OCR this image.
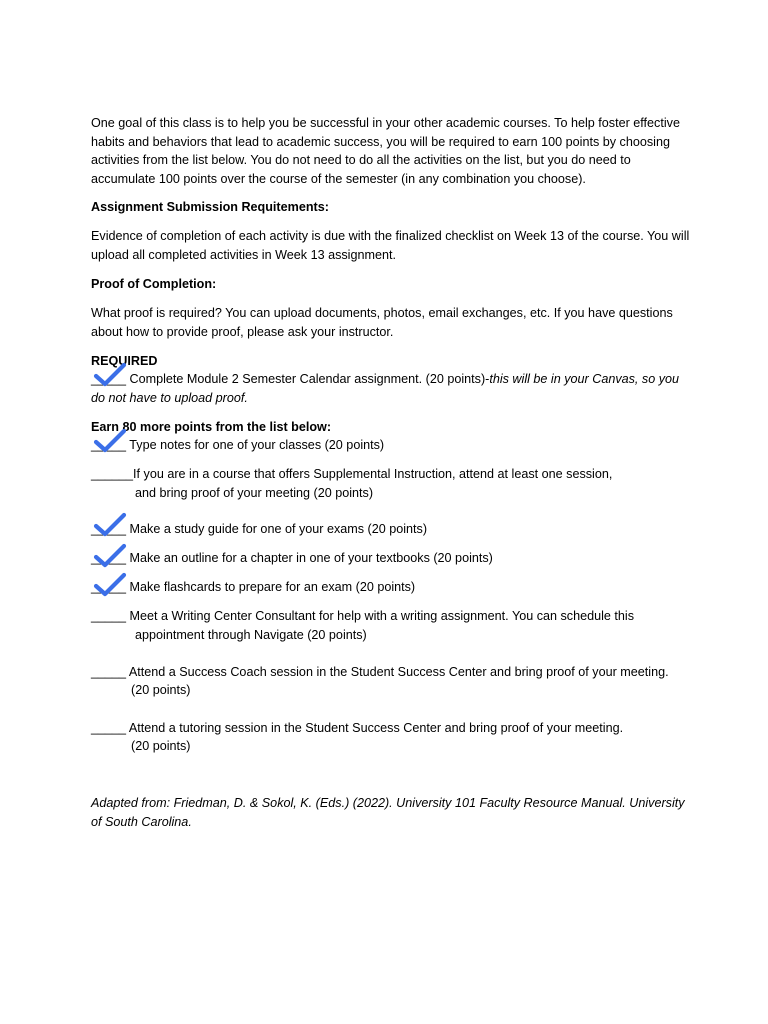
One goal of this class is to help you be successful in your other academic courses. To help foster effective habits and behaviors that lead to academic success, you will be required to earn 100 points by choosing activities from the list below. You do not need to do all the activities on the list, but you do need to accumulate 100 points over the course of the semester (in any combination you choose).

Assignment Submission Requitements:

Evidence of completion of each activity is due with the finalized checklist on Week 13 of the course. You will upload all completed activities in Week 13 assignment.

Proof of Completion:

What proof is required? You can upload documents, photos, email exchanges, etc. If you have questions about how to provide proof, please ask your instructor.

REQUIRED

_____ Complete Module 2 Semester Calendar assignment. (20 points)-this will be in your Canvas, so you do not have to upload proof.

Earn 80 more points from the list below:

_____ Type notes for one of your classes (20 points)
______If you are in a course that offers Supplemental Instruction, attend at least one session,
and bring proof of your meeting (20 points)
_____ Make a study guide for one of your exams (20 points)
_____ Make an outline for a chapter in one of your textbooks (20 points)
_____ Make flashcards to prepare for an exam (20 points)
_____ Meet a Writing Center Consultant for help with a writing assignment. You can schedule this
appointment through Navigate (20 points)
_____ Attend a Success Coach session in the Student Success Center and bring proof of your meeting.
(20 points)
_____ Attend a tutoring session in the Student Success Center and bring proof of your meeting.
(20 points)

Adapted from: Friedman, D. & Sokol, K. (Eds.) (2022). University 101 Faculty Resource Manual. University of South Carolina.
